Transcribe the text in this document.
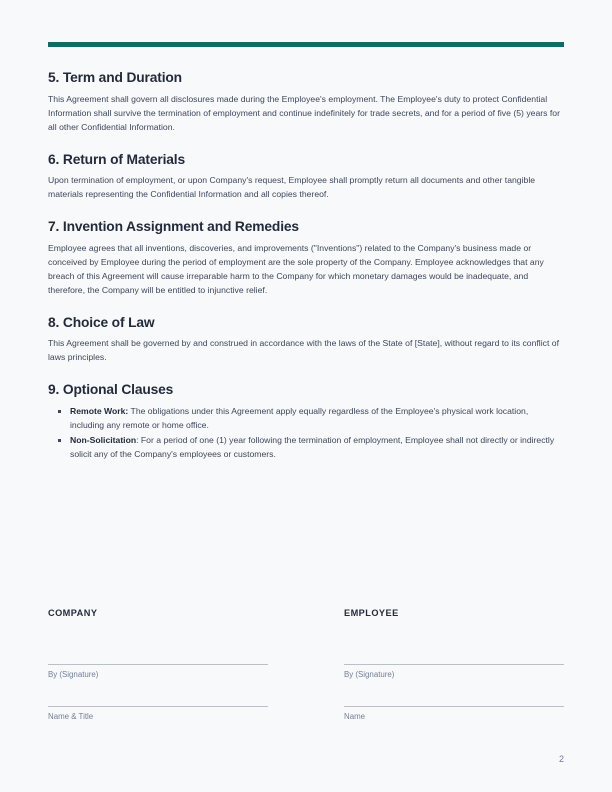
5. Term and Duration

This Agreement shall govern all disclosures made during the Employee's employment. The Employee's duty to protect Confidential Information shall survive the termination of employment and continue indefinitely for trade secrets, and for a period of five (5) years for all other Confidential Information.

6. Return of Materials

Upon termination of employment, or upon Company's request, Employee shall promptly return all documents and other tangible materials representing the Confidential Information and all copies thereof.

7. Invention Assignment and Remedies

Employee agrees that all inventions, discoveries, and improvements ("Inventions") related to the Company's business made or conceived by Employee during the period of employment are the sole property of the Company. Employee acknowledges that any breach of this Agreement will cause irreparable harm to the Company for which monetary damages would be inadequate, and therefore, the Company will be entitled to injunctive relief.

8. Choice of Law

This Agreement shall be governed by and construed in accordance with the laws of the State of [State], without regard to its conflict of laws principles.

9. Optional Clauses
Remote Work: The obligations under this Agreement apply equally regardless of the Employee's physical work location, including any remote or home office.
Non-Solicitation: For a period of one (1) year following the termination of employment, Employee shall not directly or indirectly solicit any of the Company's employees or customers.
COMPANY
By (Signature)
Name & Title
EMPLOYEE
By (Signature)
Name
2
